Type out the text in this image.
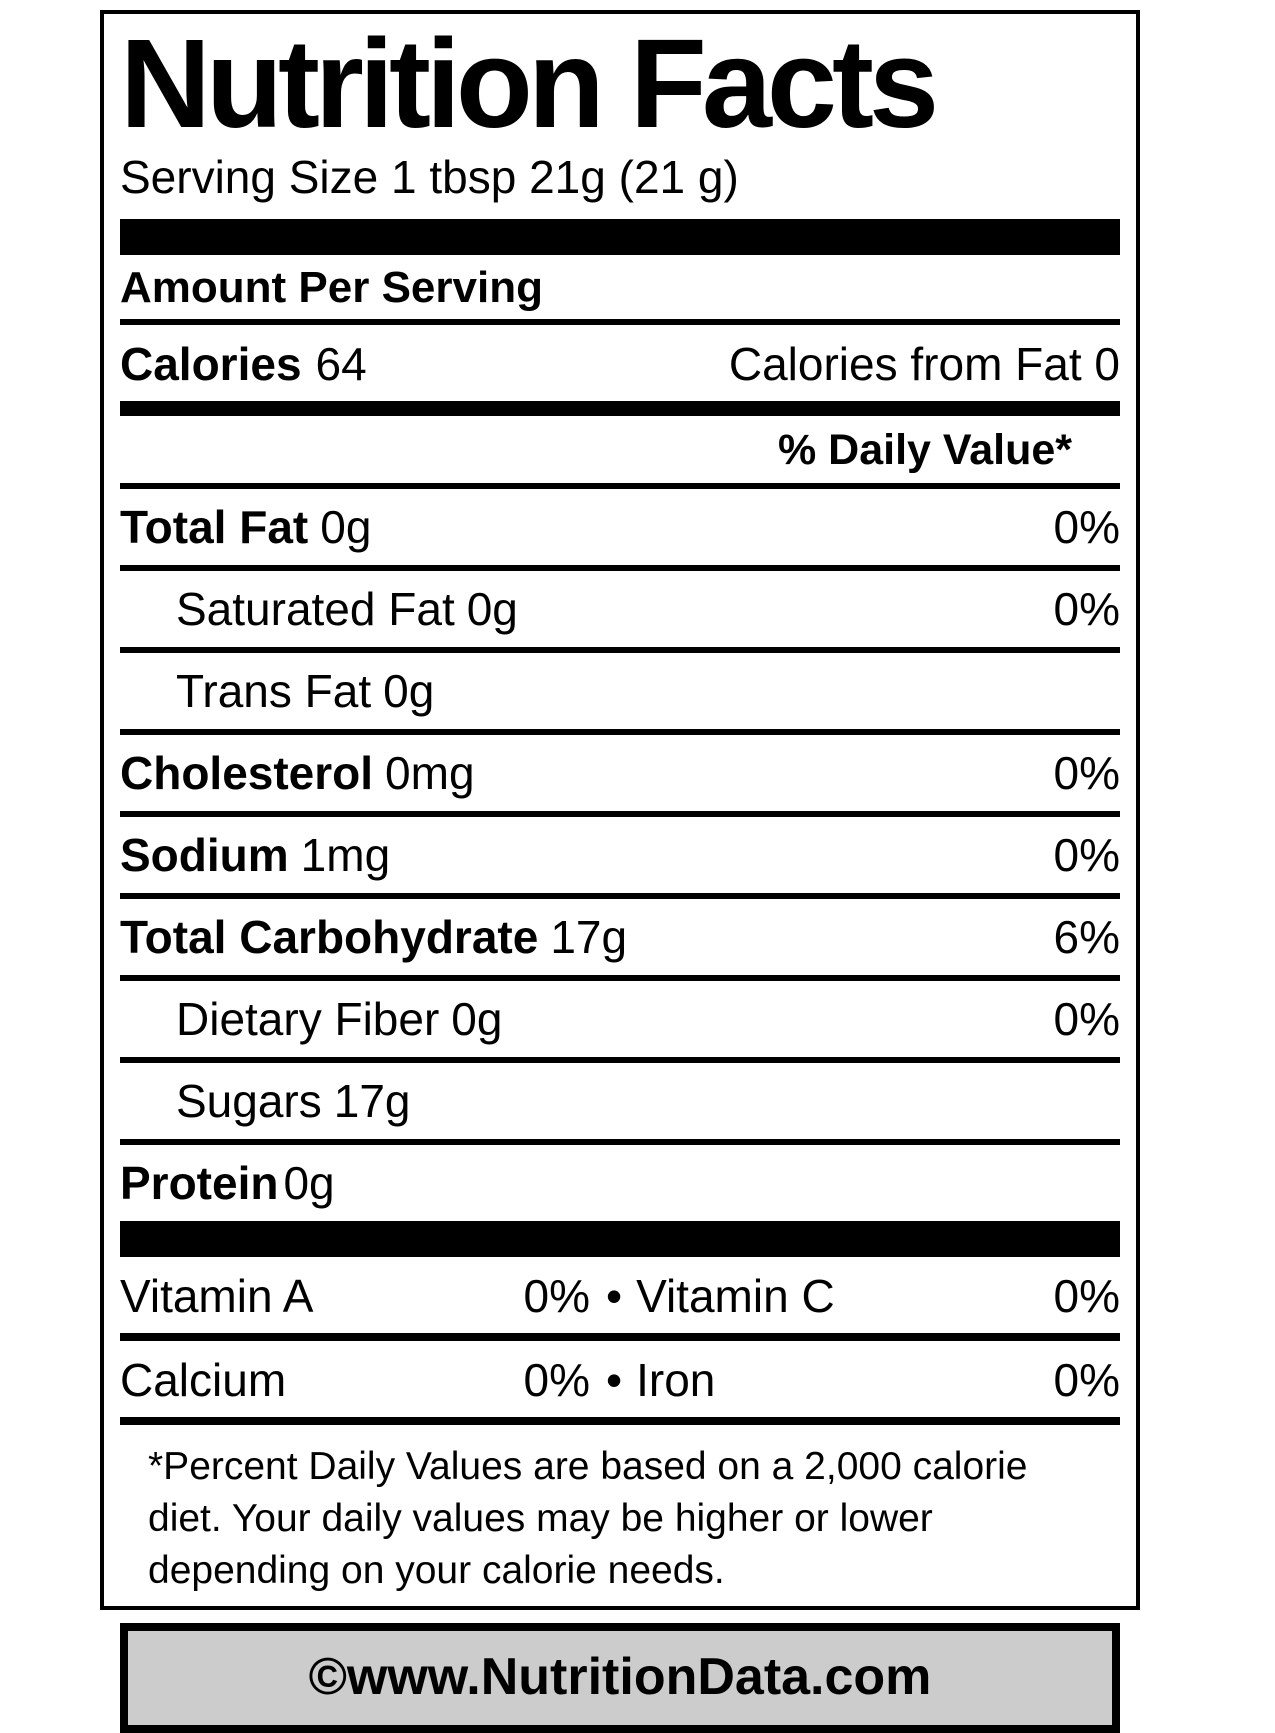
Nutrition Facts
Serving Size 1 tbsp 21g (21 g)
Amount Per Serving
Calories 64	Calories from Fat 0
% Daily Value*
Total Fat 0g	0%
Saturated Fat 0g	0%
Trans Fat 0g
Cholesterol 0mg	0%
Sodium 1mg	0%
Total Carbohydrate 17g	6%
Dietary Fiber 0g	0%
Sugars 17g
Protein 0g
Vitamin A	0% • Vitamin C	0%
Calcium	0% • Iron	0%
*Percent Daily Values are based on a 2,000 calorie diet. Your daily values may be higher or lower depending on your calorie needs.
©www.NutritionData.com
